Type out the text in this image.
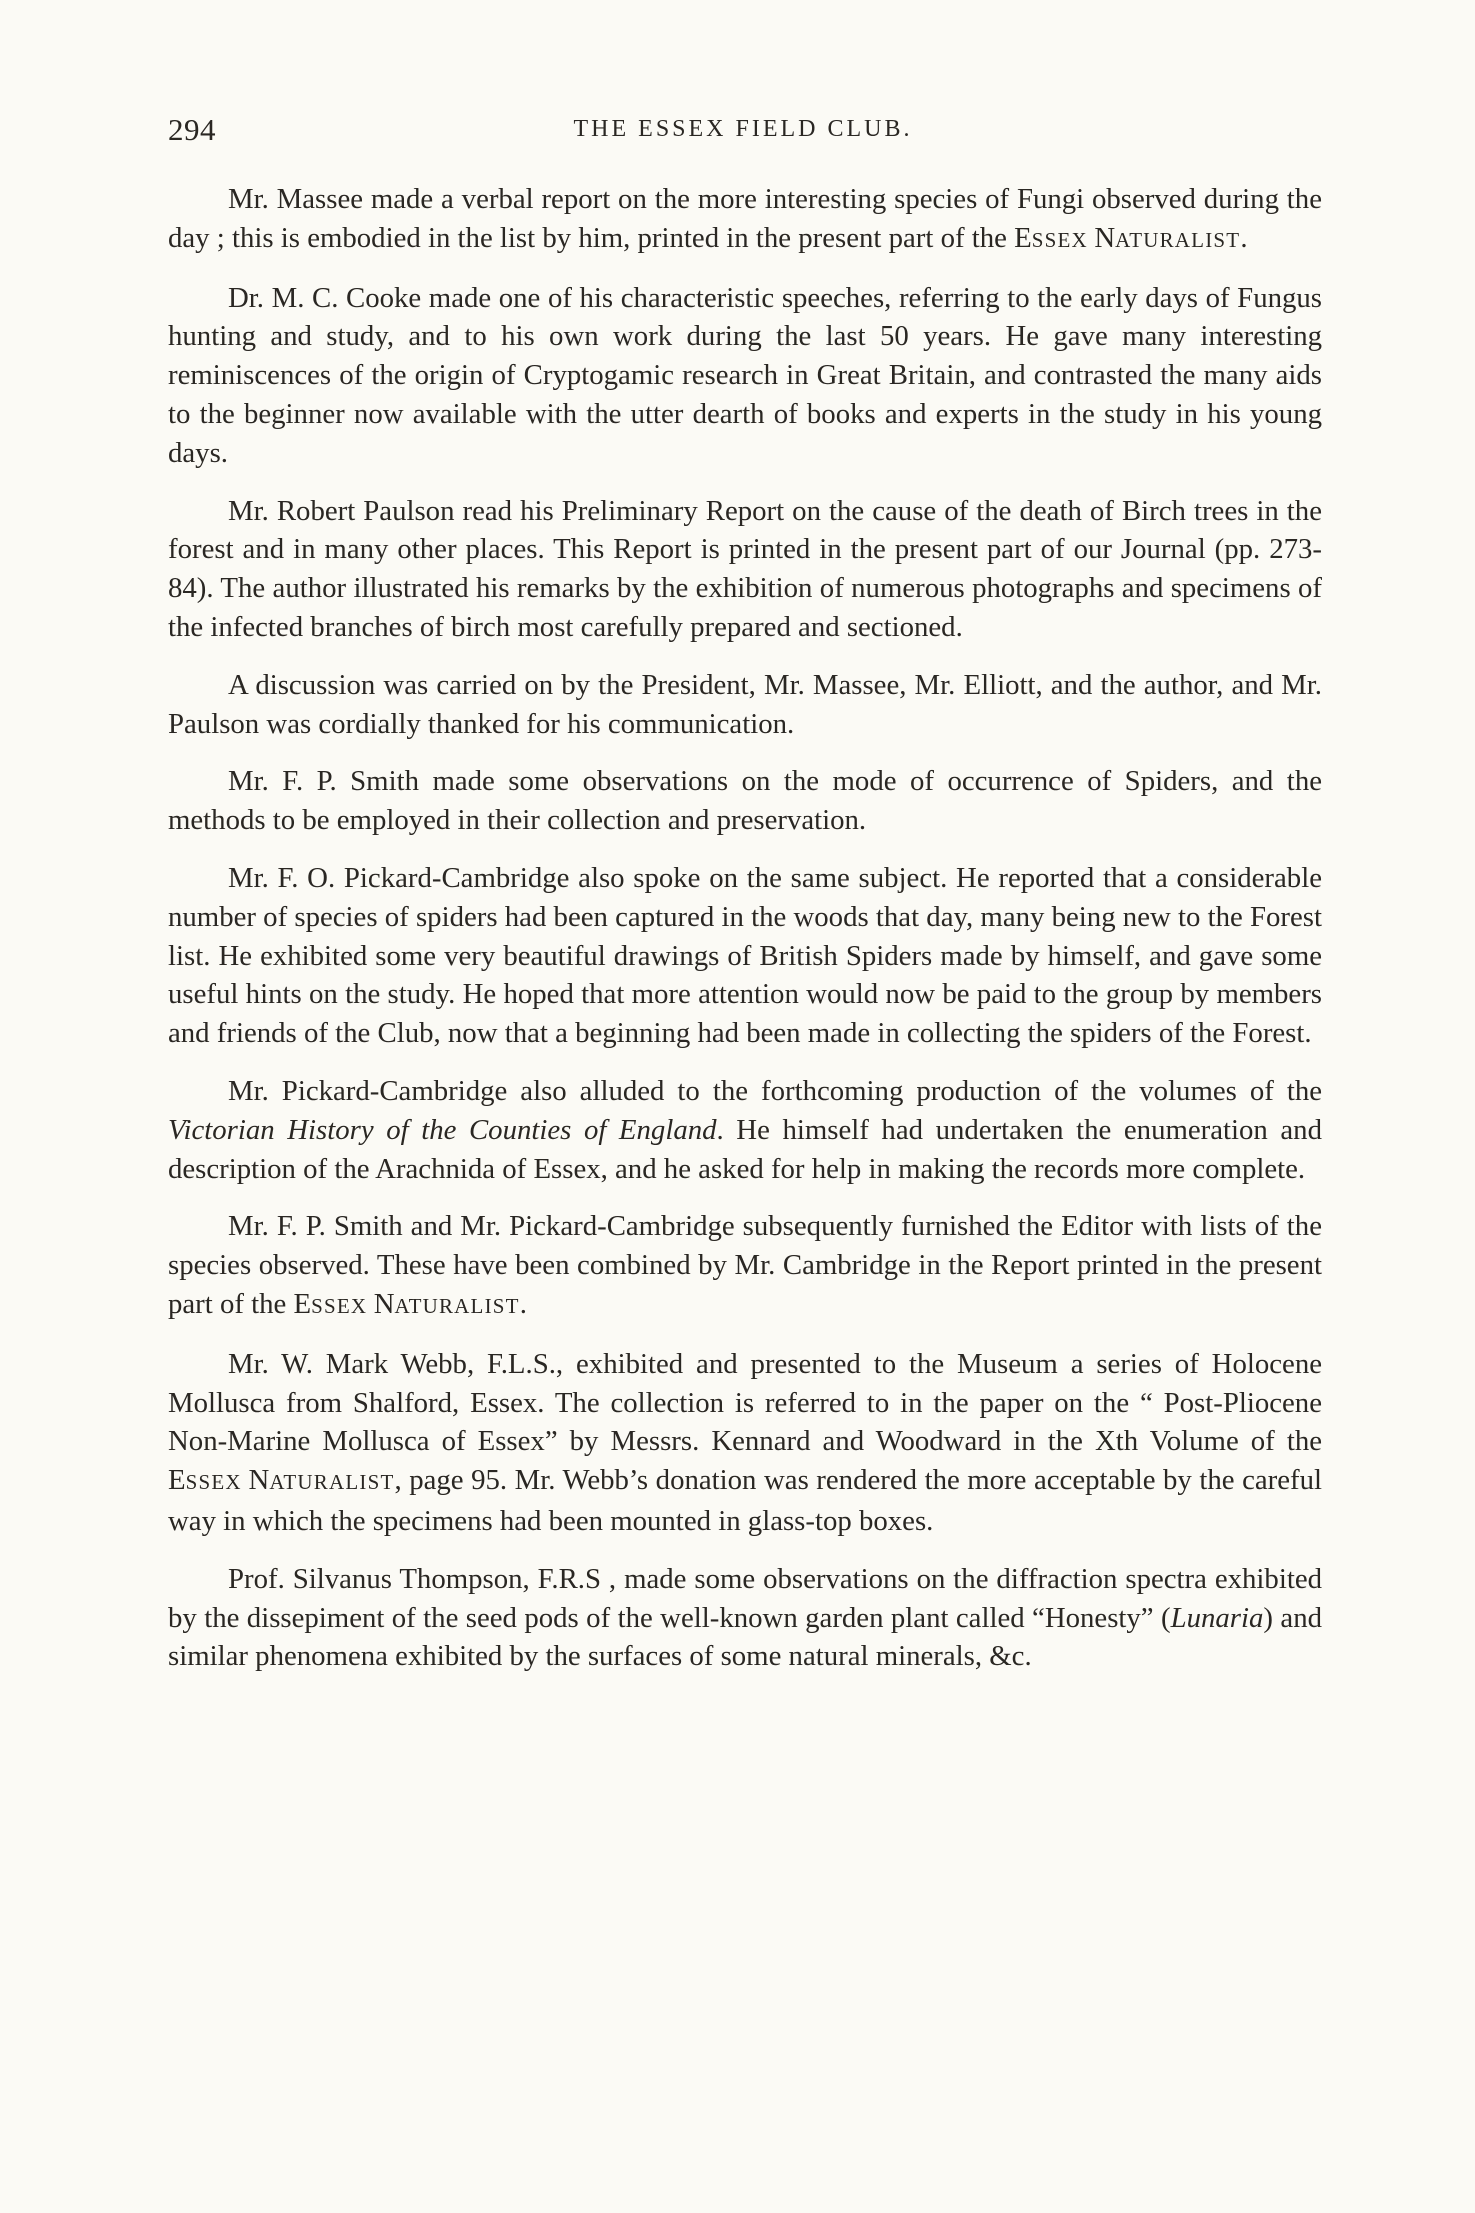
294	THE ESSEX FIELD CLUB.

Mr. Massee made a verbal report on the more interesting species of Fungi observed during the day ; this is embodied in the list by him, printed in the present part of the ESSEX NATURALIST.

Dr. M. C. Cooke made one of his characteristic speeches, referring to the early days of Fungus hunting and study, and to his own work during the last 50 years. He gave many interesting reminiscences of the origin of Cryptogamic research in Great Britain, and contrasted the many aids to the beginner now available with the utter dearth of books and experts in the study in his young days.

Mr. Robert Paulson read his Preliminary Report on the cause of the death of Birch trees in the forest and in many other places. This Report is printed in the present part of our Journal (pp. 273-84). The author illustrated his remarks by the exhibition of numerous photographs and specimens of the infected branches of birch most carefully prepared and sectioned.

A discussion was carried on by the President, Mr. Massee, Mr. Elliott, and the author, and Mr. Paulson was cordially thanked for his communication.

Mr. F. P. Smith made some observations on the mode of occurrence of Spiders, and the methods to be employed in their collection and preservation.

Mr. F. O. Pickard-Cambridge also spoke on the same subject. He reported that a considerable number of species of spiders had been captured in the woods that day, many being new to the Forest list. He exhibited some very beautiful drawings of British Spiders made by himself, and gave some useful hints on the study. He hoped that more attention would now be paid to the group by members and friends of the Club, now that a beginning had been made in collecting the spiders of the Forest.

Mr. Pickard-Cambridge also alluded to the forthcoming production of the volumes of the Victorian History of the Counties of England. He himself had undertaken the enumeration and description of the Arachnida of Essex, and he asked for help in making the records more complete.

Mr. F. P. Smith and Mr. Pickard-Cambridge subsequently furnished the Editor with lists of the species observed. These have been combined by Mr. Cambridge in the Report printed in the present part of the ESSEX NATURALIST.

Mr. W. Mark Webb, F.L.S., exhibited and presented to the Museum a series of Holocene Mollusca from Shalford, Essex. The collection is referred to in the paper on the “ Post-Pliocene Non-Marine Mollusca of Essex” by Messrs. Kennard and Woodward in the Xth Volume of the ESSEX NATURALIST, page 95. Mr. Webb’s donation was rendered the more acceptable by the careful way in which the specimens had been mounted in glass-top boxes.

Prof. Silvanus Thompson, F.R.S , made some observations on the diffraction spectra exhibited by the dissepiment of the seed pods of the well-known garden plant called “Honesty” (Lunaria) and similar phenomena exhibited by the surfaces of some natural minerals, &c.
